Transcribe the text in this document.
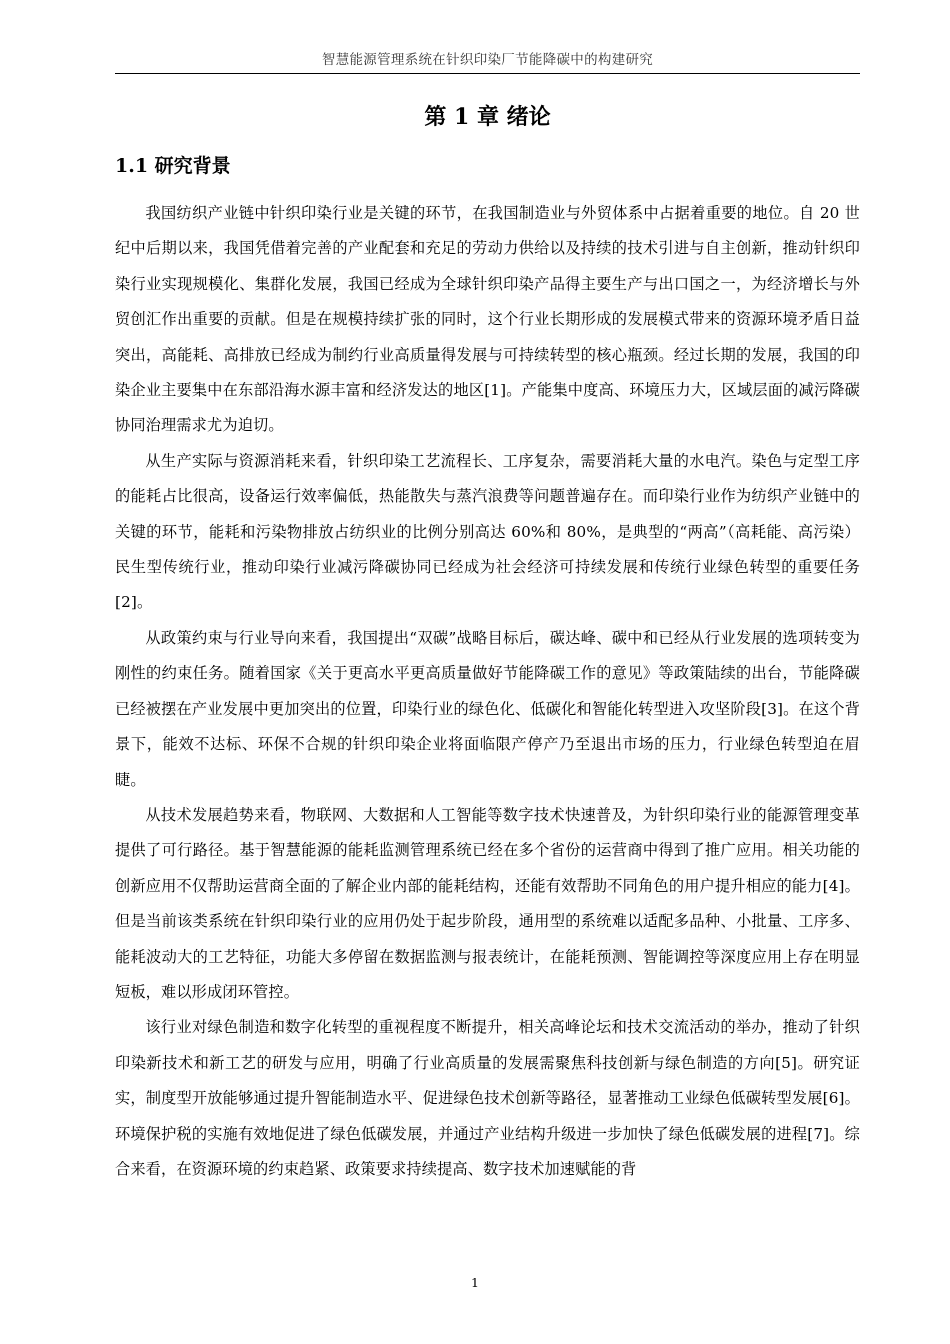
智慧能源管理系统在针织印染厂节能降碳中的构建研究
第 1 章 绪论
1.1 研究背景

我国纺织产业链中针织印染行业是关键的环节，在我国制造业与外贸体系中占据着重要的地位。自 20 世纪中后期以来，我国凭借着完善的产业配套和充足的劳动力供给以及持续的技术引进与自主创新，推动针织印染行业实现规模化、集群化发展，我国已经成为全球针织印染产品得主要生产与出口国之一，为经济增长与外贸创汇作出重要的贡献。但是在规模持续扩张的同时，这个行业长期形成的发展模式带来的资源环境矛盾日益突出，高能耗、高排放已经成为制约行业高质量得发展与可持续转型的核心瓶颈。经过长期的发展，我国的印染企业主要集中在东部沿海水源丰富和经济发达的地区[1]。产能集中度高、环境压力大，区域层面的减污降碳协同治理需求尤为迫切。

从生产实际与资源消耗来看，针织印染工艺流程长、工序复杂，需要消耗大量的水电汽。染色与定型工序的能耗占比很高，设备运行效率偏低，热能散失与蒸汽浪费等问题普遍存在。而印染行业作为纺织产业链中的关键的环节，能耗和污染物排放占纺织业的比例分别高达 60%和 80%，是典型的“两高”（高耗能、高污染）民生型传统行业，推动印染行业减污降碳协同已经成为社会经济可持续发展和传统行业绿色转型的重要任务[2]。

从政策约束与行业导向来看，我国提出“双碳”战略目标后，碳达峰、碳中和已经从行业发展的选项转变为刚性的约束任务。随着国家《关于更高水平更高质量做好节能降碳工作的意见》等政策陆续的出台，节能降碳已经被摆在产业发展中更加突出的位置，印染行业的绿色化、低碳化和智能化转型进入攻坚阶段[3]。在这个背景下，能效不达标、环保不合规的针织印染企业将面临限产停产乃至退出市场的压力，行业绿色转型迫在眉睫。

从技术发展趋势来看，物联网、大数据和人工智能等数字技术快速普及，为针织印染行业的能源管理变革提供了可行路径。基于智慧能源的能耗监测管理系统已经在多个省份的运营商中得到了推广应用。相关功能的创新应用不仅帮助运营商全面的了解企业内部的能耗结构，还能有效帮助不同角色的用户提升相应的能力[4]。但是当前该类系统在针织印染行业的应用仍处于起步阶段，通用型的系统难以适配多品种、小批量、工序多、能耗波动大的工艺特征，功能大多停留在数据监测与报表统计，在能耗预测、智能调控等深度应用上存在明显短板，难以形成闭环管控。

该行业对绿色制造和数字化转型的重视程度不断提升，相关高峰论坛和技术交流活动的举办，推动了针织印染新技术和新工艺的研发与应用，明确了行业高质量的发展需聚焦科技创新与绿色制造的方向[5]。研究证实，制度型开放能够通过提升智能制造水平、促进绿色技术创新等路径，显著推动工业绿色低碳转型发展[6]。环境保护税的实施有效地促进了绿色低碳发展，并通过产业结构升级进一步加快了绿色低碳发展的进程[7]。综合来看，在资源环境的约束趋紧、政策要求持续提高、数字技术加速赋能的背

1
